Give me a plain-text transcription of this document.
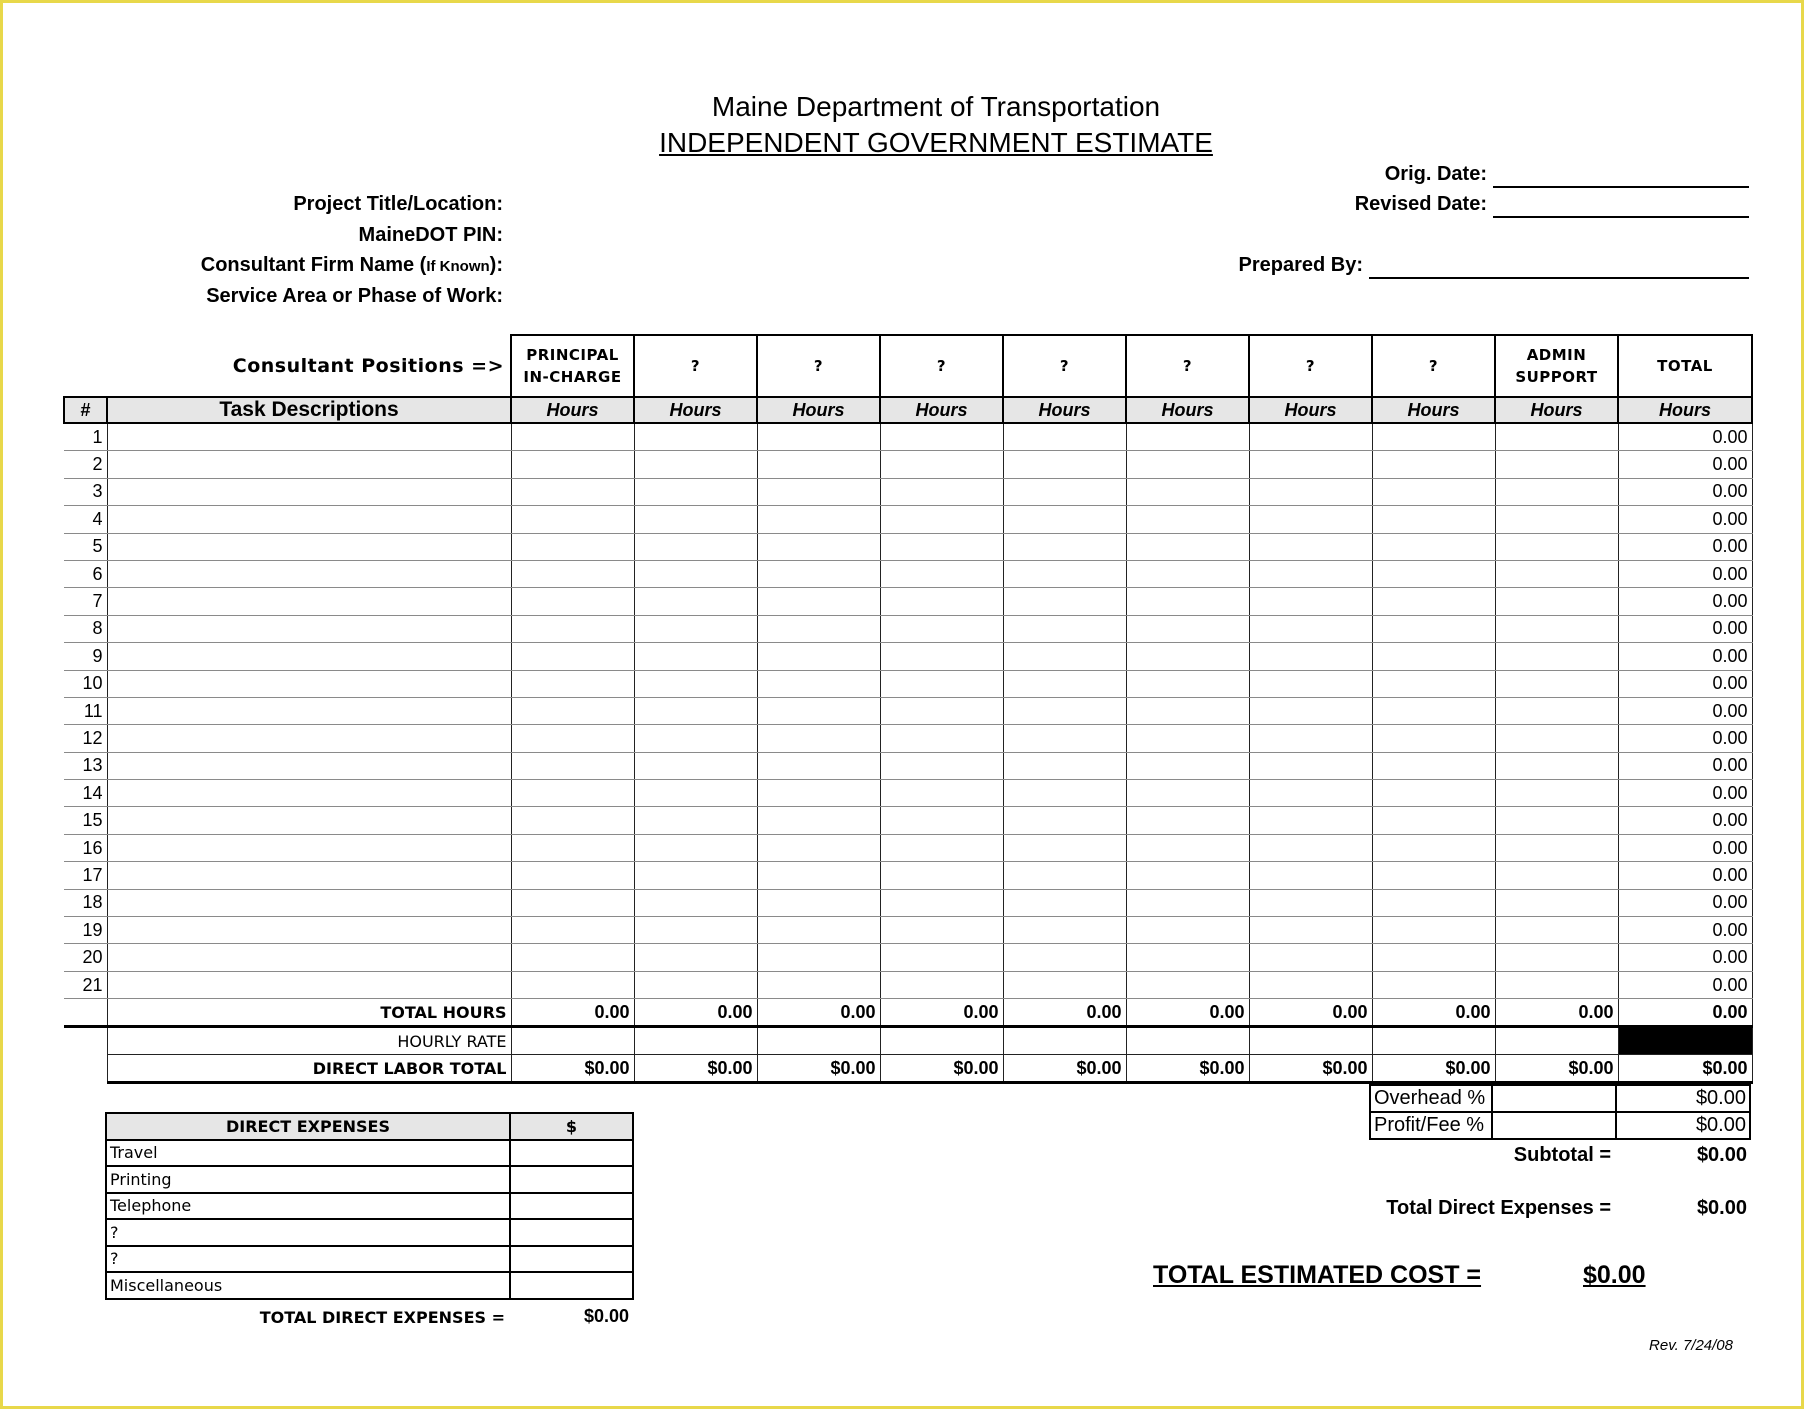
Maine Department of Transportation
INDEPENDENT GOVERNMENT ESTIMATE
Project Title/Location:
MaineDOT PIN:
Consultant Firm Name (If Known):
Service Area or Phase of Work:
Orig. Date:
Revised Date:
Prepared By:
Consultant Positions =>		PRINCIPAL IN-CHARGE	?	?	?	?	?	?	?	ADMIN SUPPORT	TOTAL
#	Task Descriptions	Hours	Hours	Hours	Hours	Hours	Hours	Hours	Hours	Hours	Hours
1											0.00
2											0.00
3											0.00
4											0.00
5											0.00
6											0.00
7											0.00
8											0.00
9											0.00
10											0.00
11											0.00
12											0.00
13											0.00
14											0.00
15											0.00
16											0.00
17											0.00
18											0.00
19											0.00
20											0.00
21											0.00
	TOTAL HOURS	0.00	0.00	0.00	0.00	0.00	0.00	0.00	0.00	0.00	0.00
	HOURLY RATE										
	DIRECT LABOR TOTAL	$0.00	$0.00	$0.00	$0.00	$0.00	$0.00	$0.00	$0.00	$0.00	$0.00
Overhead %		$0.00
Profit/Fee %		$0.00
Subtotal =	$0.00
Total Direct Expenses =	$0.00
TOTAL ESTIMATED COST =	$0.00
DIRECT EXPENSES	$
Travel	
Printing	
Telephone	
?	
?	
Miscellaneous	
TOTAL DIRECT EXPENSES =	$0.00
Rev. 7/24/08
